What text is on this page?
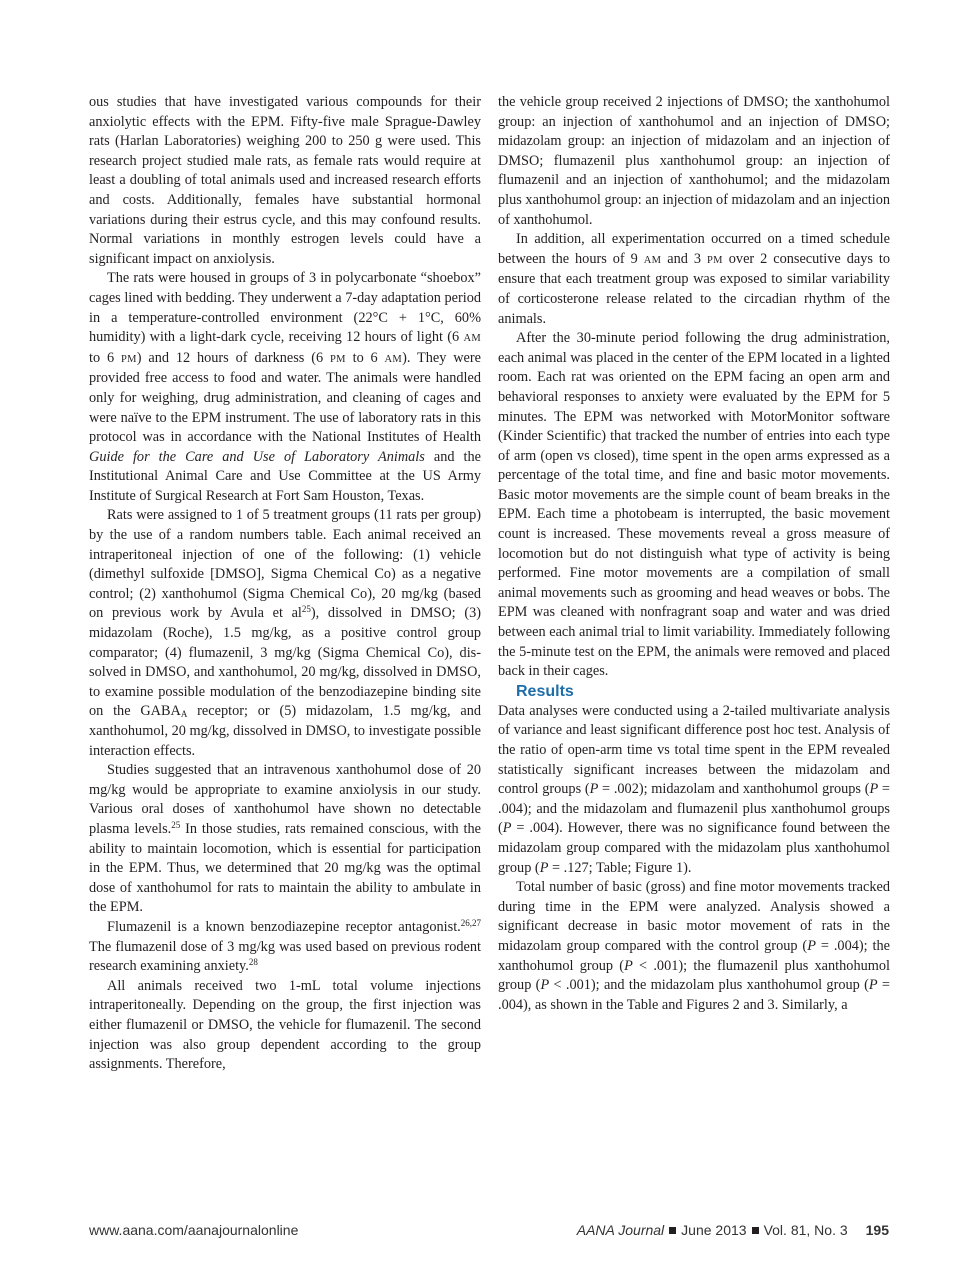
ous studies that have investigated various compounds for their anxiolytic effects with the EPM. Fifty-five male Sprague-Dawley rats (Harlan Laboratories) weighing 200 to 250 g were used. This research project studied male rats, as female rats would require at least a doubling of total animals used and increased research efforts and costs. Additionally, females have substantial hormonal variations during their estrus cycle, and this may confound results. Normal variations in monthly estrogen levels could have a significant impact on anxiolysis.

The rats were housed in groups of 3 in polycarbonate “shoebox” cages lined with bedding. They underwent a 7-day adaptation period in a temperature-controlled environment (22°C + 1°C, 60% humidity) with a light-dark cycle, receiving 12 hours of light (6 AM to 6 PM) and 12 hours of darkness (6 PM to 6 AM). They were provided free access to food and water. The animals were handled only for weighing, drug administration, and cleaning of cages and were naïve to the EPM instrument. The use of laboratory rats in this protocol was in accordance with the National Institutes of Health Guide for the Care and Use of Laboratory Animals and the Institutional Animal Care and Use Committee at the US Army Institute of Surgical Research at Fort Sam Houston, Texas.

Rats were assigned to 1 of 5 treatment groups (11 rats per group) by the use of a random numbers table. Each animal received an intraperitoneal injection of one of the following: (1) vehicle (dimethyl sulfoxide [DMSO], Sigma Chemical Co) as a negative control; (2) xanthohumol (Sigma Chemical Co), 20 mg/kg (based on previous work by Avula et $al^{25}$), dissolved in DMSO; (3) midazolam (Roche), 1.5 mg/kg, as a positive control group comparator; (4) flumazenil, 3 mg/kg (Sigma Chemical Co), dissolved in DMSO, and xanthohumol, 20 mg/kg, dissolved in DMSO, to examine possible modulation of the benzodiazepine binding site on the $GABA_A$ receptor; or (5) midazolam, 1.5 mg/kg, and xanthohumol, 20 mg/kg, dissolved in DMSO, to investigate possible interaction effects.

Studies suggested that an intravenous xanthohumol dose of 20 mg/kg would be appropriate to examine anxiolysis in our study. Various oral doses of xanthohumol have shown no detectable plasma levels.$^{25}$ In those studies, rats remained conscious, with the ability to maintain locomotion, which is essential for participation in the EPM. Thus, we determined that 20 mg/kg was the optimal dose of xanthohumol for rats to maintain the ability to ambulate in the EPM.

Flumazenil is a known benzodiazepine receptor antagonist.$^{26,27}$ The flumazenil dose of 3 mg/kg was used based on previous rodent research examining anxiety.$^{28}$

All animals received two 1-mL total volume injections intraperitoneally. Depending on the group, the first injection was either flumazenil or DMSO, the vehicle for flumazenil. The second injection was also group dependent according to the group assignments. Therefore,

the vehicle group received 2 injections of DMSO; the xanthohumol group: an injection of xanthohumol and an injection of DMSO; midazolam group: an injection of midazolam and an injection of DMSO; flumazenil plus xanthohumol group: an injection of flumazenil and an injection of xanthohumol; and the midazolam plus xanthohumol group: an injection of midazolam and an injection of xanthohumol.

In addition, all experimentation occurred on a timed schedule between the hours of 9 AM and 3 PM over 2 consecutive days to ensure that each treatment group was exposed to similar variability of corticosterone release related to the circadian rhythm of the animals.

After the 30-minute period following the drug administration, each animal was placed in the center of the EPM located in a lighted room. Each rat was oriented on the EPM facing an open arm and behavioral responses to anxiety were evaluated by the EPM for 5 minutes. The EPM was networked with MotorMonitor software (Kinder Scientific) that tracked the number of entries into each type of arm (open vs closed), time spent in the open arms expressed as a percentage of the total time, and fine and basic motor movements. Basic motor movements are the simple count of beam breaks in the EPM. Each time a photobeam is interrupted, the basic movement count is increased. These movements reveal a gross measure of locomotion but do not distinguish what type of activity is being performed. Fine motor movements are a compilation of small animal movements such as grooming and head weaves or bobs. The EPM was cleaned with nonfragrant soap and water and was dried between each animal trial to limit variability. Immediately following the 5-minute test on the EPM, the animals were removed and placed back in their cages.

Results

Data analyses were conducted using a 2-tailed multivariate analysis of variance and least significant difference post hoc test. Analysis of the ratio of open-arm time vs total time spent in the EPM revealed statistically significant increases between the midazolam and control groups (P = .002); midazolam and xanthohumol groups (P = .004); and the midazolam and flumazenil plus xanthohumol groups (P = .004). However, there was no significance found between the midazolam group compared with the midazolam plus xanthohumol group (P = .127; Table; Figure 1).

Total number of basic (gross) and fine motor movements tracked during time in the EPM were analyzed. Analysis showed a significant decrease in basic motor movement of rats in the midazolam group compared with the control group (P = .004); the xanthohumol group (P < .001); the flumazenil plus xanthohumol group (P < .001); and the midazolam plus xanthohumol group (P = .004), as shown in the Table and Figures 2 and 3. Similarly, a

www.aana.com/aanajournalonline	AANA Journal June 2013 Vol. 81, No. 3 195
